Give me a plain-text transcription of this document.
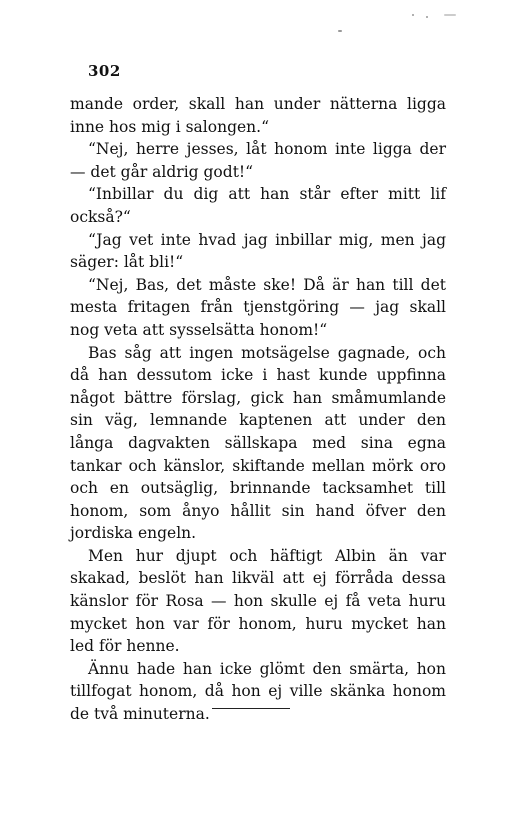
302

mande order, skall han under nätterna ligga inne hos mig i salongen.“

“Nej, herre jesses, låt honom inte ligga der — det går aldrig godt!“

“Inbillar du dig att han står efter mitt lif också?“

“Jag vet inte hvad jag inbillar mig, men jag säger: låt bli!“

“Nej, Bas, det måste ske! Då är han till det mesta fritagen från tjenstgöring — jag skall nog veta att sysselsätta honom!“

Bas såg att ingen motsägelse gagnade, och då han dessutom icke i hast kunde uppfinna något bättre förslag, gick han småmumlande sin väg, lemnande kaptenen att under den långa dagvakten sällskapa med sina egna tankar och känslor, skiftande mellan mörk oro och en outsäglig, brinnande tacksamhet till honom, som ånyo hållit sin hand öfver den jordiska engeln.

Men hur djupt och häftigt Albin än var skakad, beslöt han likväl att ej förråda dessa känslor för Rosa — hon skulle ej få veta huru mycket hon var för honom, huru mycket han led för henne.

Ännu hade han icke glömt den smärta, hon tillfogat honom, då hon ej ville skänka honom de två minuterna.
